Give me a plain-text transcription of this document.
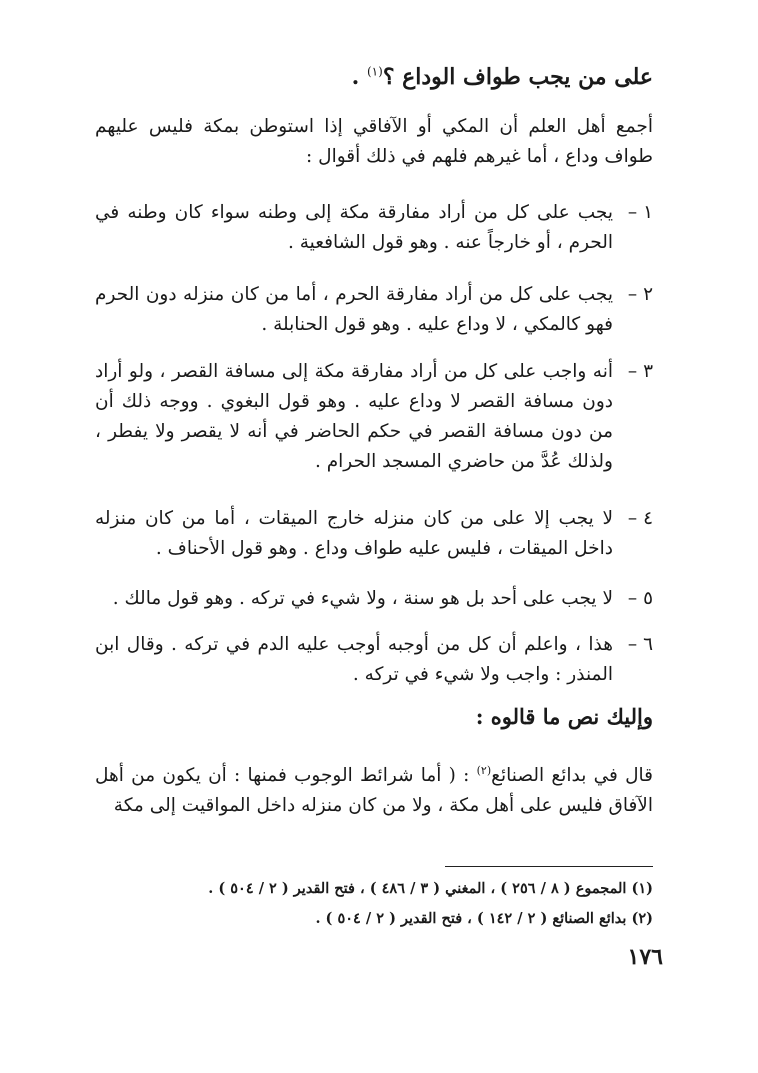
على من يجب طواف الوداع ؟$^{(١)}$ .
أجمع أهل العلم أن المكي أو الآفاقي إذا استوطن بمكة فليس عليهم طواف وداع ، أما غيرهم فلهم في ذلك أقوال :
١ –
يجب على كل من أراد مفارقة مكة إلى وطنه سواء كان وطنه في الحرم ، أو خارجاً عنه . وهو قول الشافعية .
٢ –
يجب على كل من أراد مفارقة الحرم ، أما من كان منزله دون الحرم فهو كالمكي ، لا وداع عليه . وهو قول الحنابلة .
٣ –
أنه واجب على كل من أراد مفارقة مكة إلى مسافة القصر ، ولو أراد دون مسافة القصر لا وداع عليه . وهو قول البغوي . ووجه ذلك أن من دون مسافة القصر في حكم الحاضر في أنه لا يقصر ولا يفطر ، ولذلك عُدَّ من حاضري المسجد الحرام .
٤ –
لا يجب إلا على من كان منزله خارج الميقات ، أما من كان منزله داخل الميقات ، فليس عليه طواف وداع . وهو قول الأحناف .
٥ –
لا يجب على أحد بل هو سنة ، ولا شيء في تركه . وهو قول مالك .
٦ –
هذا ، واعلم أن كل من أوجبه أوجب عليه الدم في تركه . وقال ابن المنذر : واجب ولا شيء في تركه .
وإليك نص ما قالوه :
قال في بدائع الصنائع$^{(٢)}$ : ( أما شرائط الوجوب فمنها : أن يكون من أهل الآفاق فليس على أهل مكة ، ولا من كان منزله داخل المواقيت إلى مكة
(١) المجموع ( ٨ / ٢٥٦ ) ، المغني ( ٣ / ٤٨٦ ) ، فتح القدير ( ٢ / ٥٠٤ ) .
(٢) بدائع الصنائع ( ٢ / ١٤٢ ) ، فتح القدير ( ٢ / ٥٠٤ ) .
١٧٦
